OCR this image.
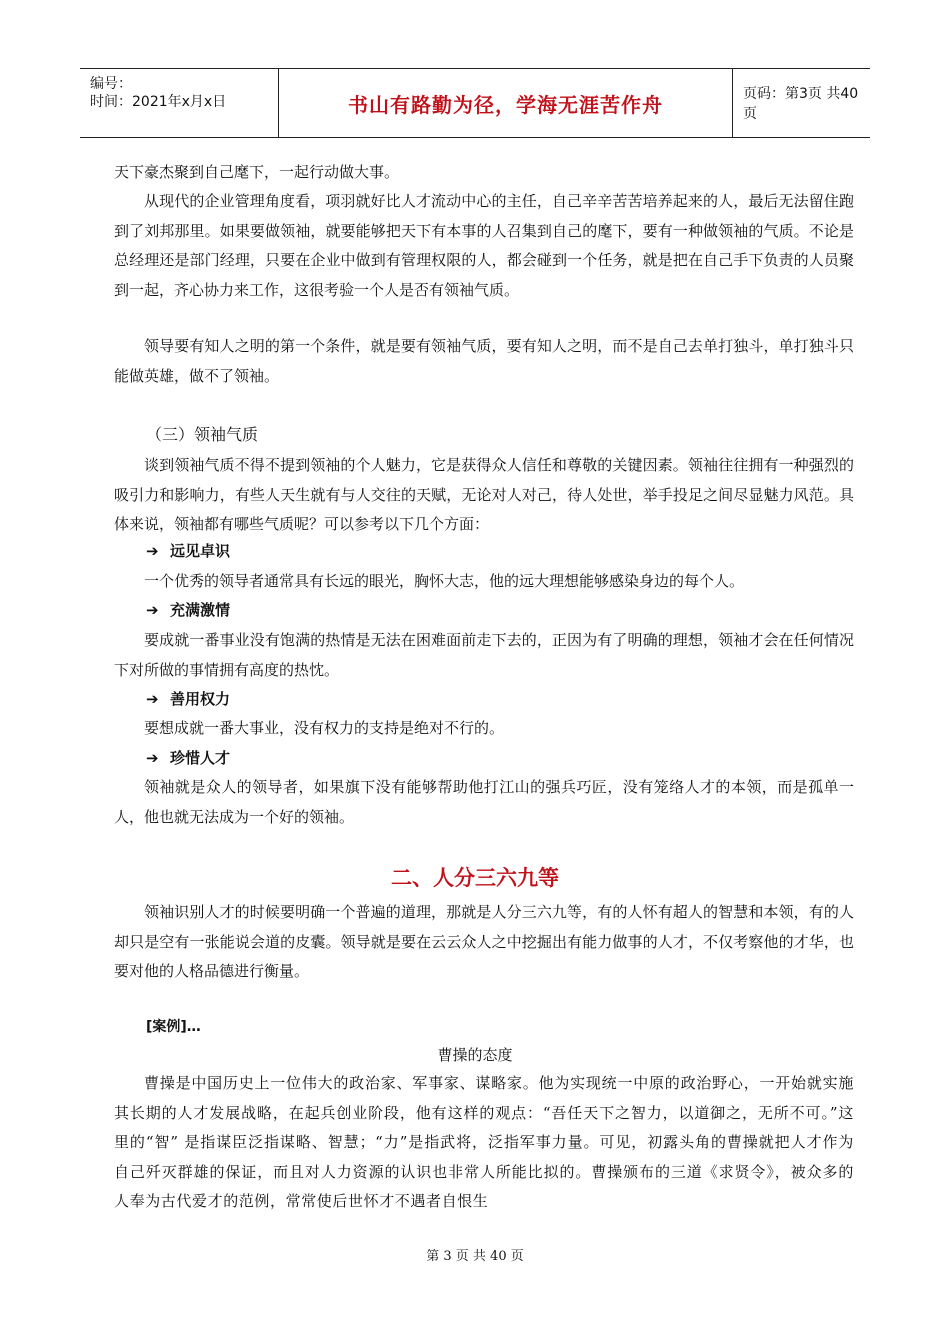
编号：
时间：2021年x月x日	书山有路勤为径，学海无涯苦作舟	页码：第3页 共40页

天下豪杰聚到自己麾下，一起行动做大事。

从现代的企业管理角度看，项羽就好比人才流动中心的主任，自己辛辛苦苦培养起来的人，最后无法留住跑到了刘邦那里。如果要做领袖，就要能够把天下有本事的人召集到自己的麾下，要有一种做领袖的气质。不论是总经理还是部门经理，只要在企业中做到有管理权限的人，都会碰到一个任务，就是把在自己手下负责的人员聚到一起，齐心协力来工作，这很考验一个人是否有领袖气质。

领导要有知人之明的第一个条件，就是要有领袖气质，要有知人之明，而不是自己去单打独斗，单打独斗只能做英雄，做不了领袖。

（三）领袖气质

谈到领袖气质不得不提到领袖的个人魅力，它是获得众人信任和尊敬的关键因素。领袖往往拥有一种强烈的吸引力和影响力，有些人天生就有与人交往的天赋，无论对人对己，待人处世，举手投足之间尽显魅力风范。具体来说，领袖都有哪些气质呢？可以参考以下几个方面：

➔ 远见卓识

一个优秀的领导者通常具有长远的眼光，胸怀大志，他的远大理想能够感染身边的每个人。

➔ 充满激情

要成就一番事业没有饱满的热情是无法在困难面前走下去的，正因为有了明确的理想，领袖才会在任何情况下对所做的事情拥有高度的热忱。

➔ 善用权力

要想成就一番大事业，没有权力的支持是绝对不行的。

➔ 珍惜人才

领袖就是众人的领导者，如果旗下没有能够帮助他打江山的强兵巧匠，没有笼络人才的本领，而是孤单一人，他也就无法成为一个好的领袖。

二、人分三六九等

领袖识别人才的时候要明确一个普遍的道理，那就是人分三六九等，有的人怀有超人的智慧和本领，有的人却只是空有一张能说会道的皮囊。领导就是要在云云众人之中挖掘出有能力做事的人才，不仅考察他的才华，也要对他的人格品德进行衡量。

[案例]…
曹操的态度

曹操是中国历史上一位伟大的政治家、军事家、谋略家。他为实现统一中原的政治野心，一开始就实施其长期的人才发展战略，在起兵创业阶段，他有这样的观点：“吾任天下之智力，以道御之，无所不可。”这里的“智” 是指谋臣泛指谋略、智慧；“力”是指武将，泛指军事力量。可见，初露头角的曹操就把人才作为自己歼灭群雄的保证，而且对人力资源的认识也非常人所能比拟的。曹操颁布的三道《求贤令》，被众多的人奉为古代爱才的范例，常常使后世怀才不遇者自恨生

第 3 页 共 40 页
